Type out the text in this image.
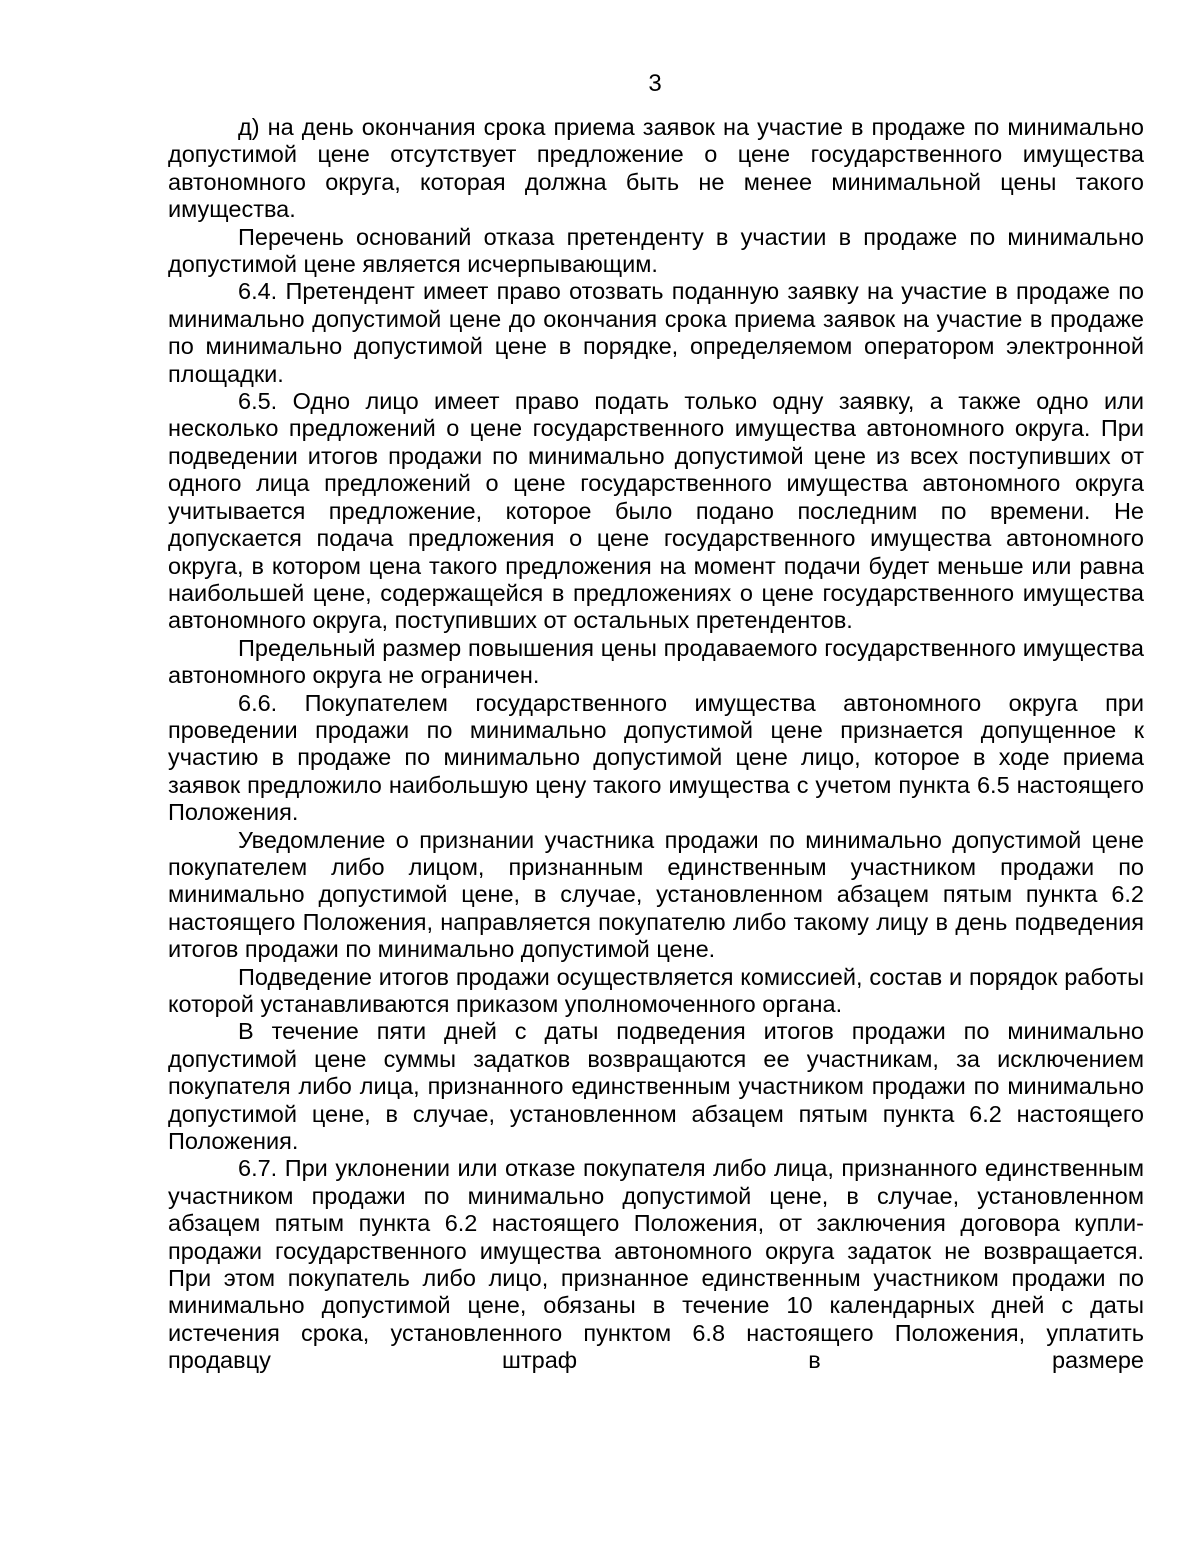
3

д) на день окончания срока приема заявок на участие в продаже по минимально допустимой цене отсутствует предложение о цене государственного имущества автономного округа, которая должна быть не менее минимальной цены такого имущества.

Перечень оснований отказа претенденту в участии в продаже по минимально допустимой цене является исчерпывающим.

6.4. Претендент имеет право отозвать поданную заявку на участие в продаже по минимально допустимой цене до окончания срока приема заявок на участие в продаже по минимально допустимой цене в порядке, определяемом оператором электронной площадки.

6.5. Одно лицо имеет право подать только одну заявку, а также одно или несколько предложений о цене государственного имущества автономного округа. При подведении итогов продажи по минимально допустимой цене из всех поступивших от одного лица предложений о цене государственного имущества автономного округа учитывается предложение, которое было подано последним по времени. Не допускается подача предложения о цене государственного имущества автономного округа, в котором цена такого предложения на момент подачи будет меньше или равна наибольшей цене, содержащейся в предложениях о цене государственного имущества автономного округа, поступивших от остальных претендентов.

Предельный размер повышения цены продаваемого государственного имущества автономного округа не ограничен.

6.6. Покупателем государственного имущества автономного округа при проведении продажи по минимально допустимой цене признается допущенное к участию в продаже по минимально допустимой цене лицо, которое в ходе приема заявок предложило наибольшую цену такого имущества с учетом пункта 6.5 настоящего Положения.

Уведомление о признании участника продажи по минимально допустимой цене покупателем либо лицом, признанным единственным участником продажи по минимально допустимой цене, в случае, установленном абзацем пятым пункта 6.2 настоящего Положения, направляется покупателю либо такому лицу в день подведения итогов продажи по минимально допустимой цене.

Подведение итогов продажи осуществляется комиссией, состав и порядок работы которой устанавливаются приказом уполномоченного органа.

В течение пяти дней с даты подведения итогов продажи по минимально допустимой цене суммы задатков возвращаются ее участникам, за исключением покупателя либо лица, признанного единственным участником продажи по минимально допустимой цене, в случае, установленном абзацем пятым пункта 6.2 настоящего Положения.

6.7. При уклонении или отказе покупателя либо лица, признанного единственным участником продажи по минимально допустимой цене, в случае, установленном абзацем пятым пункта 6.2 настоящего Положения, от заключения договора купли-продажи государственного имущества автономного округа задаток не возвращается. При этом покупатель либо лицо, признанное единственным участником продажи по минимально допустимой цене, обязаны в течение 10 календарных дней с даты истечения срока, установленного пунктом 6.8 настоящего Положения, уплатить продавцу штраф в размере
